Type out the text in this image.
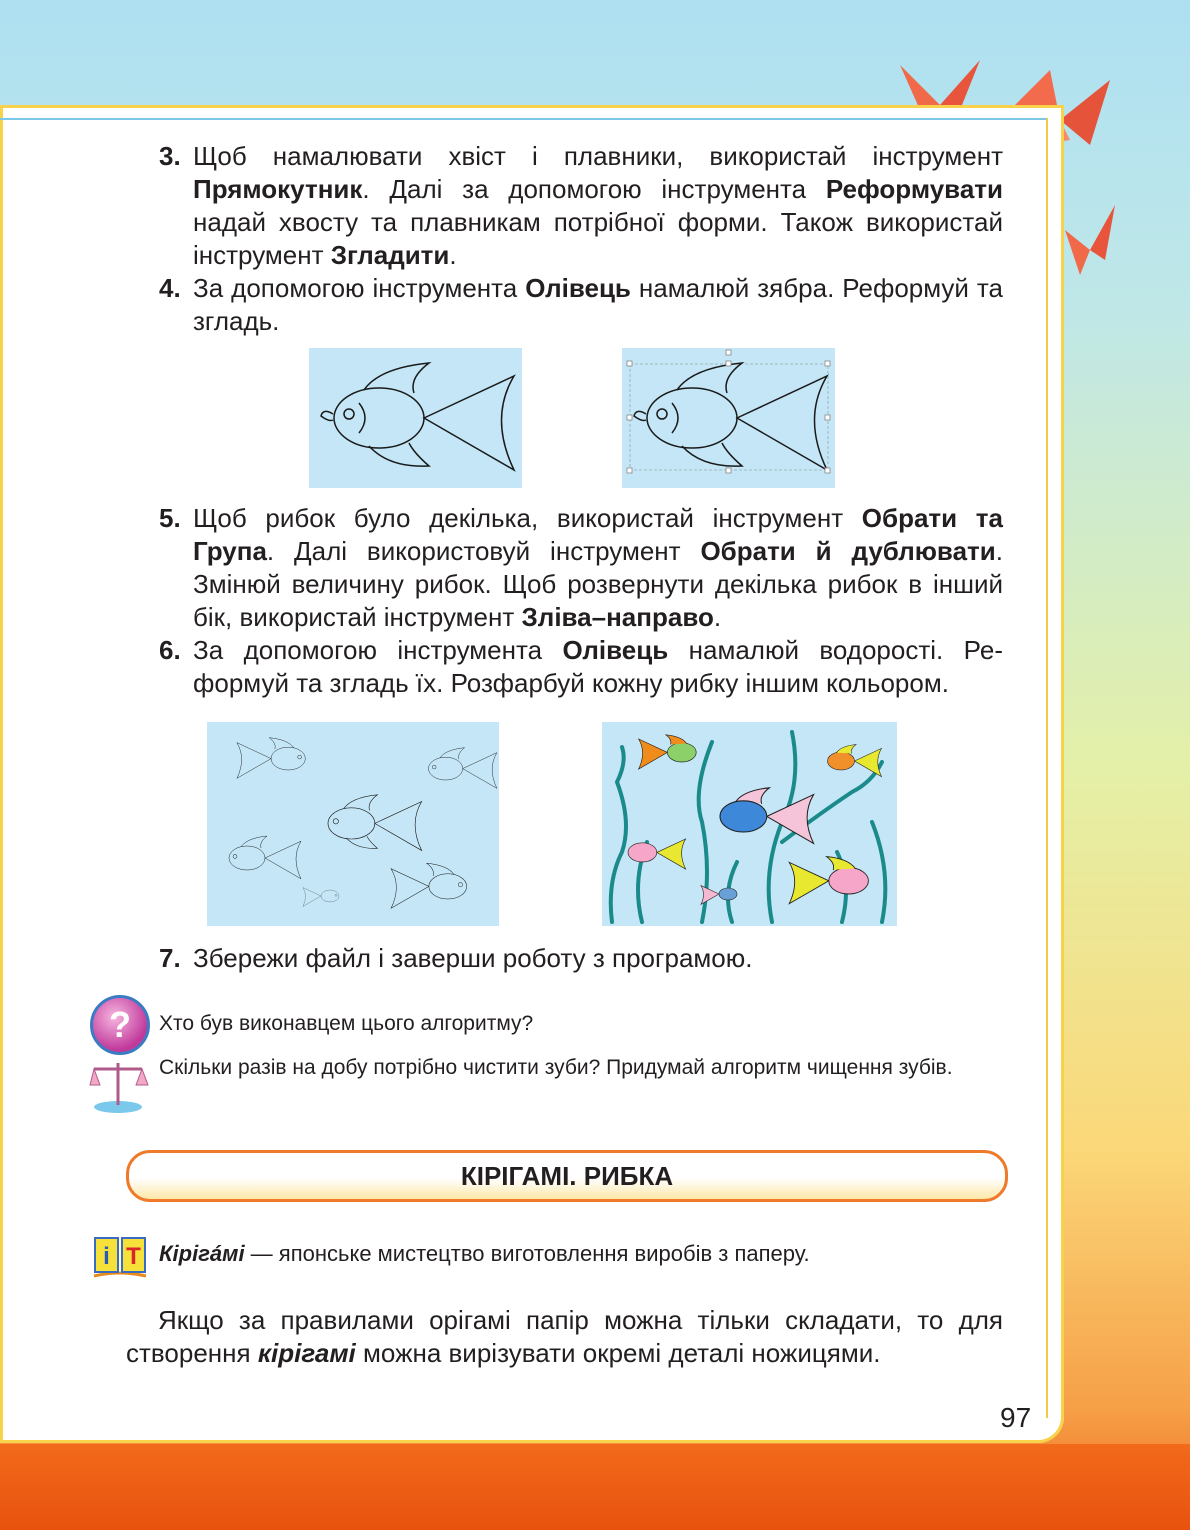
3. Щоб намалювати хвіст і плавники, використай інструмент Прямокутник. Далі за допомогою інструмента Реформувати надай хвосту та плавникам потрібної форми. Також використай інструмент Згладити.

4. За допомогою інструмента Олівець намалюй зябра. Реформуй та згладь.

5. Щоб рибок було декілька, використай інструмент Обрати та Група. Далі використовуй інструмент Обрати й дублювати. Змінюй величину рибок. Щоб розвернути декілька рибок в інший бік, використай інструмент Зліва–направо.

6. За допомогою інструмента Олівець намалюй водорості. Реформуй та згладь їх. Розфарбуй кожну рибку іншим кольором.

7. Збережи файл і заверши роботу з програмою.

?	Хто був виконавцем цього алгоритму?

Скільки разів на добу потрібно чистити зуби? Придумай алгоритм чищення зубів.

КІРІГАМІ. РИБКА
i T Кірігáмі — японське мистецтво виготовлення виробів з паперу.

Якщо за правилами орігамі папір можна тільки складати, то для створення кірігамі можна вирізувати окремі деталі ножицями.

97
